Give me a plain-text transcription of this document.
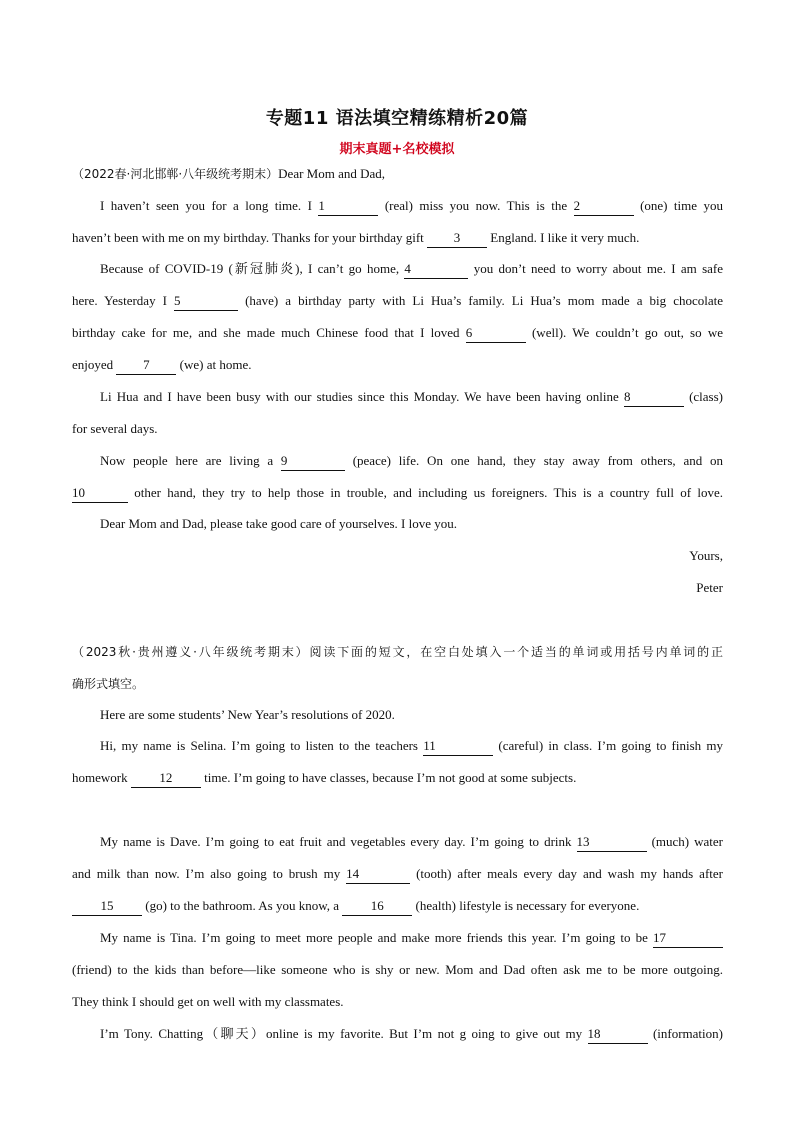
专题11 语法填空精练精析20篇
期末真题+名校模拟
（2022春·河北邯郸·八年级统考期末）Dear Mom and Dad,
I haven’t seen you for a long time. I 1	(real) miss you now. This is the 2	(one) time you
haven’t been with me on my birthday. Thanks for your birthday gift 3 England. I like it very much.
Because of COVID-19 (新冠肺炎), I can’t go home, 4	you don’t need to worry about me. I am safe
here. Yesterday I 5	(have) a birthday party with Li Hua’s family. Li Hua’s mom made a big chocolate
birthday cake for me, and she made much Chinese food that I loved 6	(well). We couldn’t go out, so we
enjoyed 7 (we) at home.
Li Hua and I have been busy with our studies since this Monday. We have been having online 8	(class)
for several days.
Now people here are living a 9	(peace) life. On one hand, they stay away from others, and on
10	other hand, they try to help those in trouble, and including us foreigners. This is a country full of love.
Dear Mom and Dad, please take good care of yourselves. I love you.
Yours,
Peter
（2023秋·贵州遵义·八年级统考期末）阅读下面的短文，在空白处填入一个适当的单词或用括号内单词的正
确形式填空。
Here are some students’ New Year’s resolutions of 2020.
Hi, my name is Selina. I’m going to listen to the teachers 11	(careful) in class. I’m going to finish my
homework 12 time. I’m going to have classes, because I’m not good at some subjects.
My name is Dave. I’m going to eat fruit and vegetables every day. I’m going to drink 13	(much) water
and milk than now. I’m also going to brush my 14	(tooth) after meals every day and wash my hands after
15 (go) to the bathroom. As you know, a 16 (health) lifestyle is necessary for everyone.
My name is Tina. I’m going to meet more people and make more friends this year. I’m going to be 17
(friend) to the kids than before—like someone who is shy or new. Mom and Dad often ask me to be more outgoing.
They think I should get on well with my classmates.
I’m Tony. Chatting（聊天）online is my favorite. But I’m not g oing to give out my 18	(information)
